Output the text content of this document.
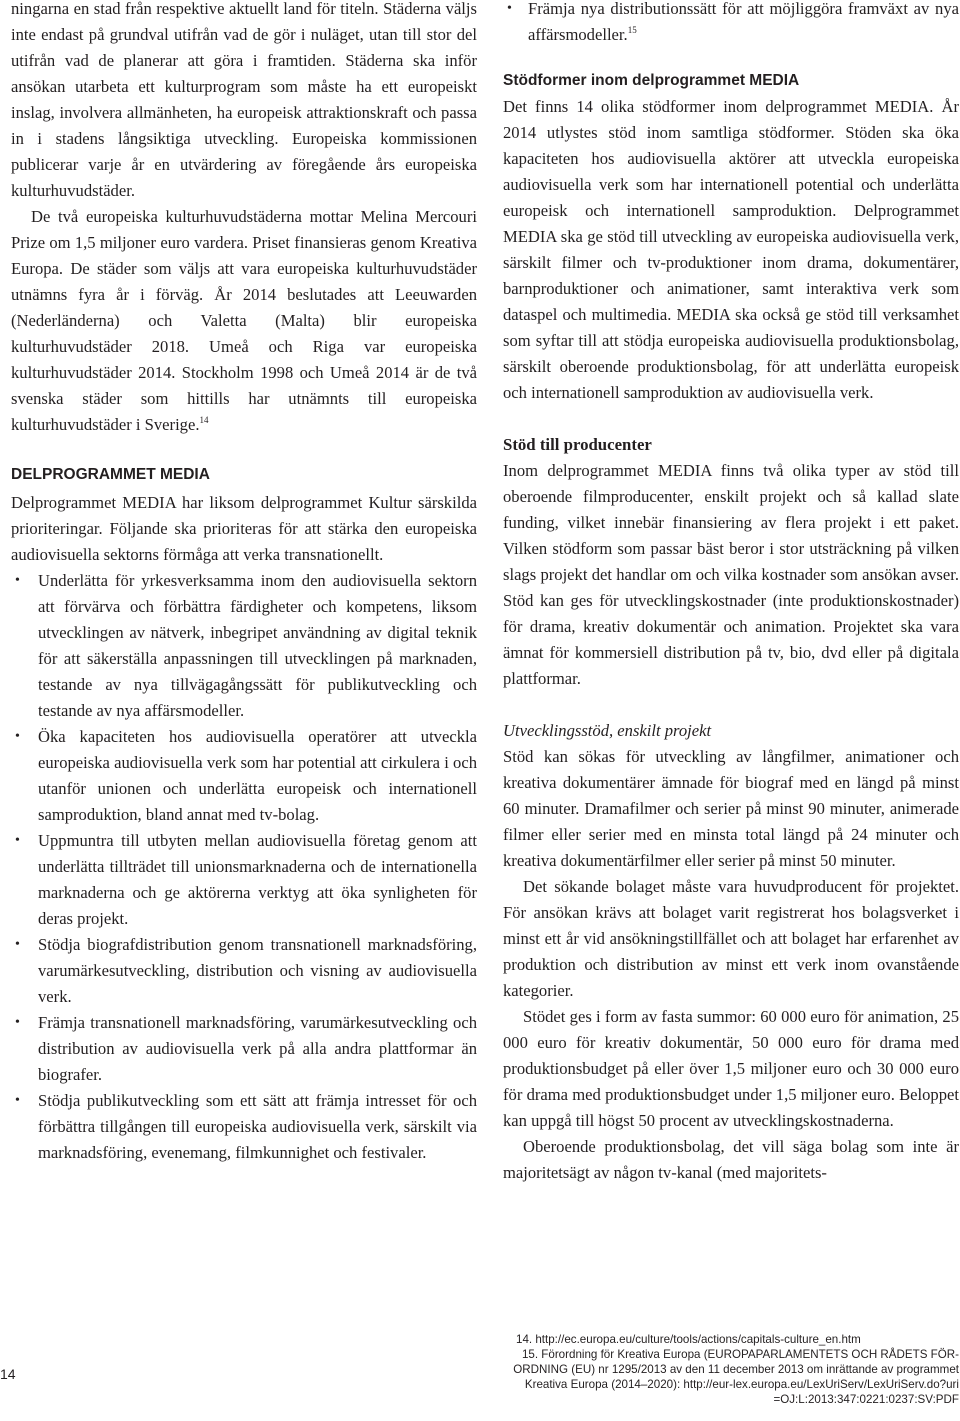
ningarna en stad från respektive aktuellt land för titeln. Städerna väljs inte endast på grundval utifrån vad de gör i nuläget, utan till stor del utifrån vad de planerar att göra i framtiden. Städerna ska inför ansökan utarbeta ett kulturprogram som måste ha ett europeiskt inslag, involvera allmänheten, ha europeisk attraktionskraft och passa in i stadens långsiktiga utveckling. Europeiska kommissionen publicerar varje år en utvärdering av föregående års europeiska kulturhuvudstäder.

De två europeiska kulturhuvudstäderna mottar Melina Mercouri Prize om 1,5 miljoner euro vardera. Priset finansieras genom Kreativa Europa. De städer som väljs att vara europeiska kulturhuvudstäder utnämns fyra år i förväg. År 2014 beslutades att Leeuwarden (Nederländerna) och Valetta (Malta) blir europeiska kulturhuvudstäder 2018. Umeå och Riga var europeiska kulturhuvudstäder 2014. Stockholm 1998 och Umeå 2014 är de två svenska städer som hittills har utnämnts till europeiska kulturhuvudstäder i Sverige.$^{14}$

DELPROGRAMMET MEDIA

Delprogrammet MEDIA har liksom delprogrammet Kultur särskilda prioriteringar. Följande ska prioriteras för att stärka den europeiska audiovisuella sektorns förmåga att verka transnationellt.

• Underlätta för yrkesverksamma inom den audiovisuella sektorn att förvärva och förbättra färdigheter och kompetens, liksom utvecklingen av nätverk, inbegripet användning av digital teknik för att säkerställa anpassningen till utvecklingen på marknaden, testande av nya tillvägagångssätt för publikutveckling och testande av nya affärsmodeller.
• Öka kapaciteten hos audiovisuella operatörer att utveckla europeiska audiovisuella verk som har potential att cirkulera i och utanför unionen och underlätta europeisk och internationell samproduktion, bland annat med tv-bolag.
• Uppmuntra till utbyten mellan audiovisuella företag genom att underlätta tillträdet till unionsmarknaderna och de internationella marknaderna och ge aktörerna verktyg att öka synligheten för deras projekt.
• Stödja biografdistribution genom transnationell marknadsföring, varumärkesutveckling, distribution och visning av audiovisuella verk.
• Främja transnationell marknadsföring, varumärkesutveckling och distribution av audiovisuella verk på alla andra plattformar än biografer.
• Stödja publikutveckling som ett sätt att främja intresset för och förbättra tillgången till europeiska audiovisuella verk, särskilt via marknadsföring, evenemang, filmkunnighet och festivaler.
• Främja nya distributionssätt för att möjliggöra framväxt av nya affärsmodeller.$^{15}$
Stödformer inom delprogrammet MEDIA

Det finns 14 olika stödformer inom delprogrammet MEDIA. År 2014 utlystes stöd inom samtliga stödformer. Stöden ska öka kapaciteten hos audiovisuella aktörer att utveckla europeiska audiovisuella verk som har internationell potential och underlätta europeisk och internationell samproduktion. Delprogrammet MEDIA ska ge stöd till utveckling av europeiska audiovisuella verk, särskilt filmer och tv-produktioner inom drama, dokumentärer, barnproduktioner och animationer, samt interaktiva verk som dataspel och multimedia. MEDIA ska också ge stöd till verksamhet som syftar till att stödja europeiska audiovisuella produktionsbolag, särskilt oberoende produktionsbolag, för att underlätta europeisk och internationell samproduktion av audiovisuella verk.

Stöd till producenter

Inom delprogrammet MEDIA finns två olika typer av stöd till oberoende filmproducenter, enskilt projekt och så kallad slate funding, vilket innebär finansiering av flera projekt i ett paket. Vilken stödform som passar bäst beror i stor utsträckning på vilken slags projekt det handlar om och vilka kostnader som ansökan avser. Stöd kan ges för utvecklingskostnader (inte produktionskostnader) för drama, kreativ dokumentär och animation. Projektet ska vara ämnat för kommersiell distribution på tv, bio, dvd eller på digitala plattformar.

Utvecklingsstöd, enskilt projekt

Stöd kan sökas för utveckling av långfilmer, animationer och kreativa dokumentärer ämnade för biograf med en längd på minst 60 minuter. Dramafilmer och serier på minst 90 minuter, animerade filmer eller serier med en minsta total längd på 24 minuter och kreativa dokumentärfilmer eller serier på minst 50 minuter.

Det sökande bolaget måste vara huvudproducent för projektet. För ansökan krävs att bolaget varit registrerat hos bolagsverket i minst ett år vid ansökningstillfället och att bolaget har erfarenhet av produktion och distribution av minst ett verk inom ovanstående kategorier.

Stödet ges i form av fasta summor: 60 000 euro för animation, 25 000 euro för kreativ dokumentär, 50 000 euro för drama med produktionsbudget på eller över 1,5 miljoner euro och 30 000 euro för drama med produktionsbudget under 1,5 miljoner euro. Beloppet kan uppgå till högst 50 procent av utvecklingskostnaderna.

Oberoende produktionsbolag, det vill säga bolag som inte är majoritetsägt av någon tv-kanal (med majoritets-

14. http://ec.europa.eu/culture/tools/actions/capitals-culture_en.htm
15. Förordning för Kreativa Europa (EUROPAPARLAMENTETS OCH RÅDETS FÖR-
ORDNING (EU) nr 1295/2013 av den 11 december 2013 om inrättande av programmet
Kreativa Europa (2014–2020): http://eur-lex.europa.eu/LexUriServ/LexUriServ.do?uri
=OJ:L:2013:347:0221:0237:SV:PDF
14
